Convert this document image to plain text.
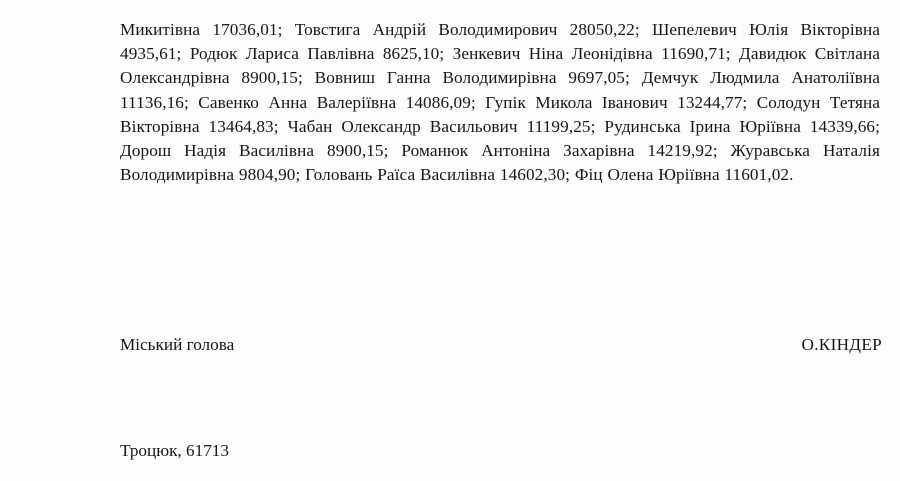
Микитівна 17036,01; Товстига Андрій Володимирович 28050,22; Шепелевич Юлія Вікторівна 4935,61; Родюк Лариса Павлівна 8625,10; Зенкевич Ніна Леонідівна 11690,71; Давидюк Світлана Олександрівна 8900,15; Вовниш Ганна Володимирівна 9697,05; Демчук Людмила Анатоліївна 11136,16; Савенко Анна Валеріївна 14086,09; Гупік Микола Іванович 13244,77; Солодун Тетяна Вікторівна 13464,83; Чабан Олександр Васильович 11199,25; Рудинська Ірина Юріївна 14339,66; Дорош Надія Василівна 8900,15; Романюк Антоніна Захарівна 14219,92; Журавська Наталія Володимирівна 9804,90; Головань Раїса Василівна 14602,30; Фіц Олена Юріївна 11601,02.

Міський голова	О.КІНДЕР
Троцюк, 61713
